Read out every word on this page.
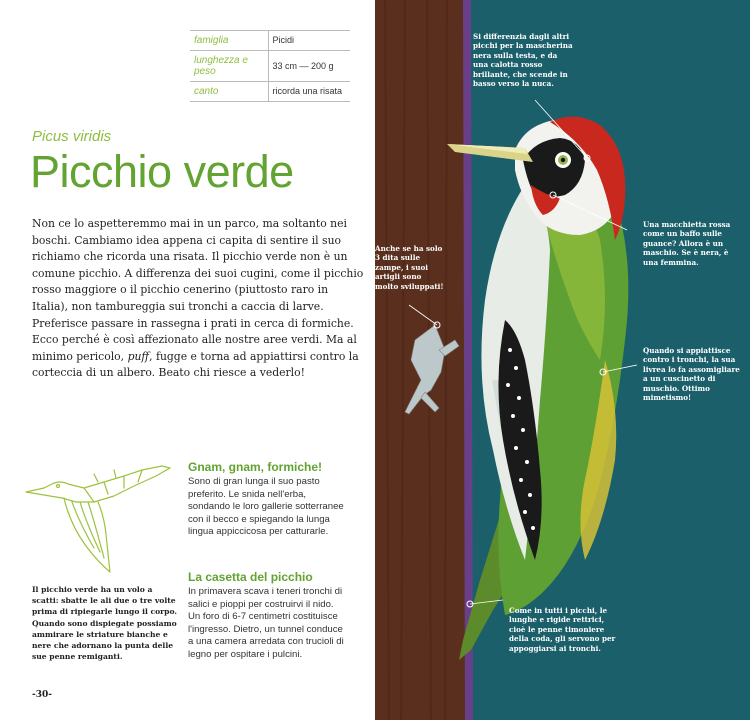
famiglia	Picidi
lunghezza e peso	33 cm — 200 g
canto	ricorda una risata
Picus viridis
Picchio verde

Non ce lo aspetteremmo mai in un parco, ma soltanto nei boschi. Cambiamo idea appena ci capita di sentire il suo richiamo che ricorda una risata. Il picchio verde non è un comune picchio. A differenza dei suoi cugini, come il picchio rosso maggiore o il picchio cenerino (piuttosto raro in Italia), non tambureggia sui tronchi a caccia di larve. Preferisce passare in rassegna i prati in cerca di formiche. Ecco perché è così affezionato alle nostre aree verdi. Ma al minimo pericolo, puff, fugge e torna ad appiattirsi contro la corteccia di un albero. Beato chi riesce a vederlo!

Il picchio verde ha un volo a scatti: sbatte le ali due o tre volte prima di ripiegarle lungo il corpo. Quando sono dispiegate possiamo ammirare le striature bianche e nere che adornano la punta delle sue penne remiganti.

Gnam, gnam, formiche!

Sono di gran lunga il suo pasto preferito. Le snida nell'erba, sondando le loro gallerie sotterranee con il becco e spiegando la lunga lingua appiccicosa per catturarle.

La casetta del picchio

In primavera scava i teneri tronchi di salici e pioppi per costruirvi il nido. Un foro di 6-7 centimetri costituisce l'ingresso. Dietro, un tunnel conduce a una camera arredata con trucioli di legno per ospitare i pulcini.

-30-

Si differenzia dagli altri picchi per la mascherina nera sulla testa, e da una calotta rosso brillante, che scende in basso verso la nuca.

Una macchietta rossa come un baffo sulle guance? Allora è un maschio. Se è nera, è una femmina.

Anche se ha solo 3 dita sulle zampe, i suoi artigli sono molto sviluppati!

Quando si appiattisce contro i tronchi, la sua livrea lo fa assomigliare a un cuscinetto di muschio. Ottimo mimetismo!

Come in tutti i picchi, le lunghe e rigide rettrici, cioè le penne timoniere della coda, gli servono per appoggiarsi ai tronchi.
